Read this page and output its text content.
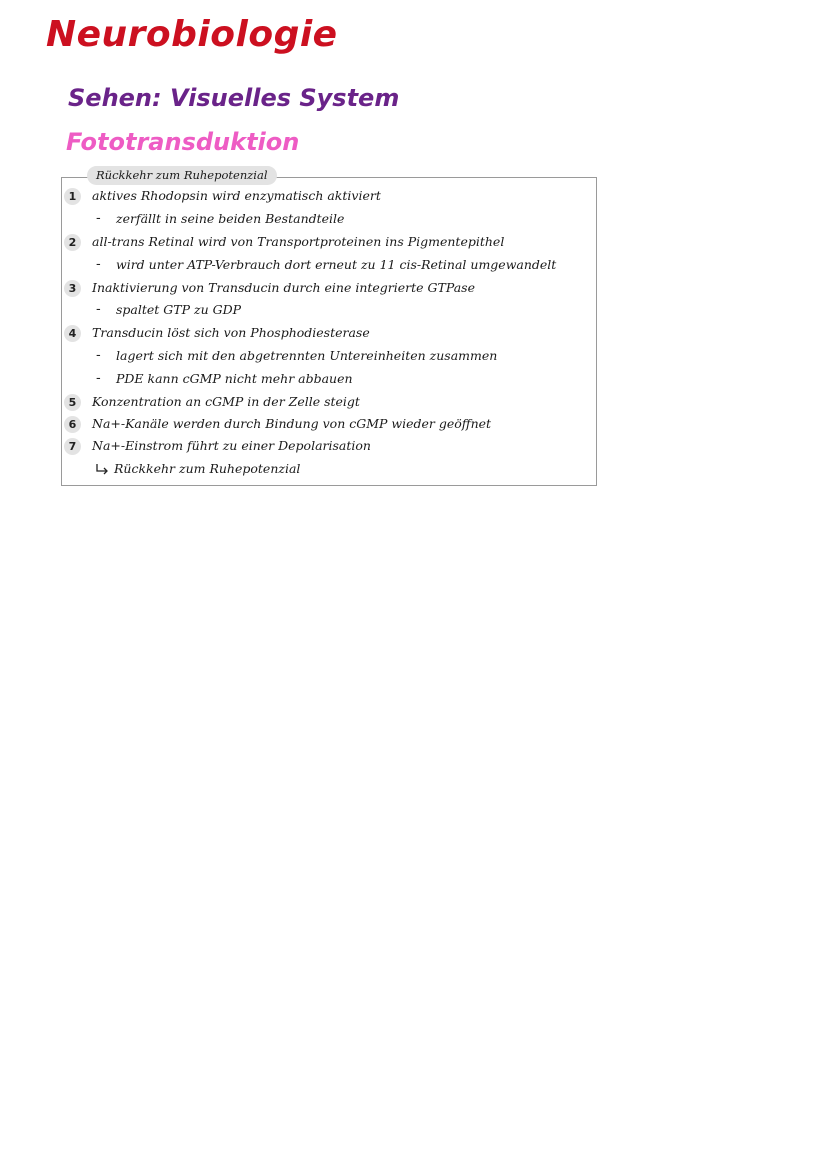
Neurobiologie
Sehen: Visuelles System
Fototransduktion
Rückkehr zum Ruhepotenzial
1	aktives Rhodopsin wird enzymatisch aktiviert
- zerfällt in seine beiden Bestandteile
2	all-trans Retinal wird von Transportproteinen ins Pigmentepithel
- wird unter ATP-Verbrauch dort erneut zu 11 cis-Retinal umgewandelt
3	Inaktivierung von Transducin durch eine integrierte GTPase
- spaltet GTP zu GDP
4	Transducin löst sich von Phosphodiesterase
- lagert sich mit den abgetrennten Untereinheiten zusammen
- PDE kann cGMP nicht mehr abbauen
5	Konzentration an cGMP in der Zelle steigt
6	Na+-Kanäle werden durch Bindung von cGMP wieder geöffnet
7	Na+-Einstrom führt zu einer Depolarisation
Rückkehr zum Ruhepotenzial
